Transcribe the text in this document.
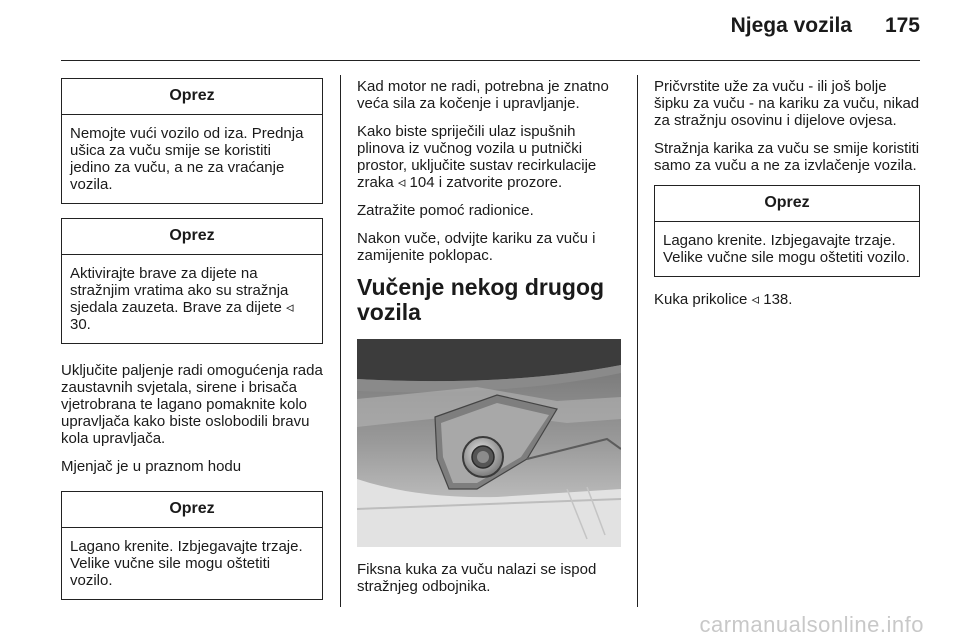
Njega vozila 175
Oprez
Nemojte vući vozilo od iza. Prednja ušica za vuču smije se koristiti jedino za vuču, a ne za vraćanje vozila.
Oprez
Aktivirajte brave za dijete na stražnjim vratima ako su stražnja sjedala zauzeta. Brave za dijete ◃ 30.

Uključite paljenje radi omogućenja rada zaustavnih svjetala, sirene i brisača vjetrobrana te lagano pomaknite kolo upravljača kako biste oslobodili bravu kola upravljača.

Mjenjač je u praznom hodu

Oprez
Lagano krenite. Izbjegavajte trzaje. Velike vučne sile mogu oštetiti vozilo.

Kad motor ne radi, potrebna je znatno veća sila za kočenje i upravljanje.

Kako biste spriječili ulaz ispušnih plinova iz vučnog vozila u putnički prostor, uključite sustav recirkulacije zraka ◃ 104 i zatvorite prozore.

Zatražite pomoć radionice.

Nakon vuče, odvijte kariku za vuču i zamijenite poklopac.

Vučenje nekog drugog vozila

Fiksna kuka za vuču nalazi se ispod stražnjeg odbojnika.

Pričvrstite uže za vuču - ili još bolje šipku za vuču - na kariku za vuču, nikad za stražnju osovinu i dijelove ovjesa.

Stražnja karika za vuču se smije koristiti samo za vuču a ne za izvlačenje vozila.

Oprez
Lagano krenite. Izbjegavajte trzaje. Velike vučne sile mogu oštetiti vozilo.

Kuka prikolice ◃ 138.

carmanualsonline.info
